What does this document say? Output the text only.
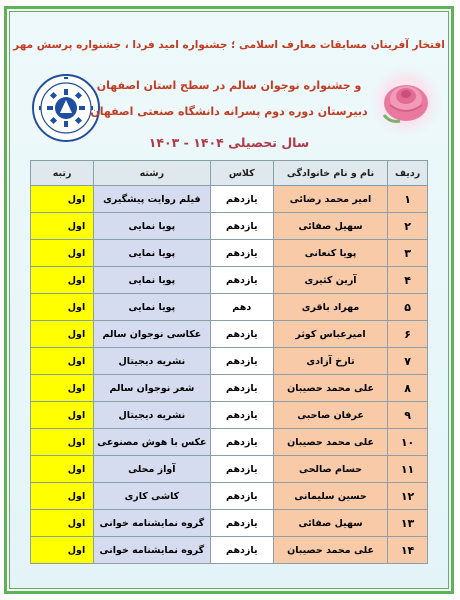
افتخار آفرینان مسابقات معارف اسلامی ؛ جشنواره امید فردا ، جشنواره پرسش مهر
و جشنواره نوجوان سالم در سطح استان اصفهان
دبیرستان دوره دوم پسرانه دانشگاه صنعتی اصفهان
سال تحصیلی ۱۴۰۴ - ۱۴۰۳
ردیف	نام و نام خانوادگی	کلاس	رشته	رتبه
۱	امیر محمد رضائی	یازدهم	فیلم روایت پیشگیری	اول
۲	سهیل صفائی	یازدهم	پویا نمایی	اول
۳	پویا کنعانی	یازدهم	پویا نمایی	اول
۴	آرین کثیری	یازدهم	پویا نمایی	اول
۵	مهراد باقری	دهم	پویا نمایی	اول
۶	امیرعباس کوثر	یازدهم	عکاسی نوجوان سالم	اول
۷	تارخ آزادی	یازدهم	نشریه دیجیتال	اول
۸	علی محمد حصیبان	یازدهم	شعر نوجوان سالم	اول
۹	عرفان صاحبی	یازدهم	نشریه دیجیتال	اول
۱۰	علی محمد حصیبان	یازدهم	عکس با هوش مصنوعی	اول
۱۱	حسام صالحی	یازدهم	آواز محلی	اول
۱۲	حسین سلیمانی	یازدهم	کاشی کاری	اول
۱۳	سهیل صفائی	یازدهم	گروه نمایشنامه خوانی	اول
۱۴	علی محمد حصیبان	یازدهم	گروه نمایشنامه خوانی	اول
